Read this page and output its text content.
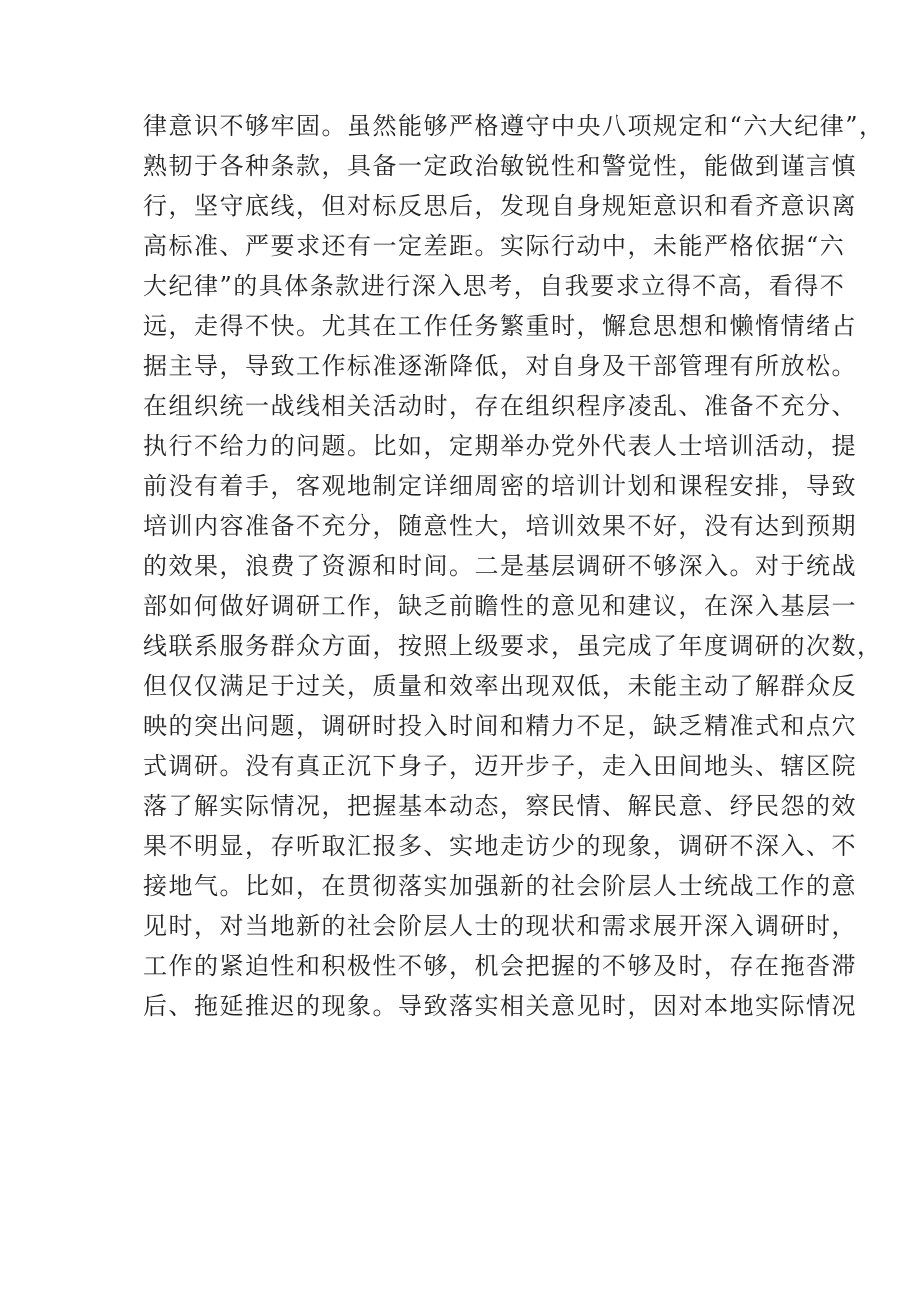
律意识不够牢固。虽然能够严格遵守中央八项规定和“六大纪律”，
熟韧于各种条款，具备一定政治敏锐性和警觉性，能做到谨言慎
行，坚守底线，但对标反思后，发现自身规矩意识和看齐意识离
高标准、严要求还有一定差距。实际行动中，未能严格依据“六
大纪律”的具体条款进行深入思考，自我要求立得不高，看得不
远，走得不快。尤其在工作任务繁重时，懈怠思想和懒惰情绪占
据主导，导致工作标准逐渐降低，对自身及干部管理有所放松。
在组织统一战线相关活动时，存在组织程序凌乱、准备不充分、
执行不给力的问题。比如，定期举办党外代表人士培训活动，提
前没有着手，客观地制定详细周密的培训计划和课程安排，导致
培训内容准备不充分，随意性大，培训效果不好，没有达到预期
的效果，浪费了资源和时间。二是基层调研不够深入。对于统战
部如何做好调研工作，缺乏前瞻性的意见和建议，在深入基层一
线联系服务群众方面，按照上级要求，虽完成了年度调研的次数，
但仅仅满足于过关，质量和效率出现双低，未能主动了解群众反
映的突出问题，调研时投入时间和精力不足，缺乏精准式和点穴
式调研。没有真正沉下身子，迈开步子，走入田间地头、辖区院
落了解实际情况，把握基本动态，察民情、解民意、纾民怨的效
果不明显，存听取汇报多、实地走访少的现象，调研不深入、不
接地气。比如，在贯彻落实加强新的社会阶层人士统战工作的意
见时，对当地新的社会阶层人士的现状和需求展开深入调研时，
工作的紧迫性和积极性不够，机会把握的不够及时，存在拖沓滞
后、拖延推迟的现象。导致落实相关意见时，因对本地实际情况
